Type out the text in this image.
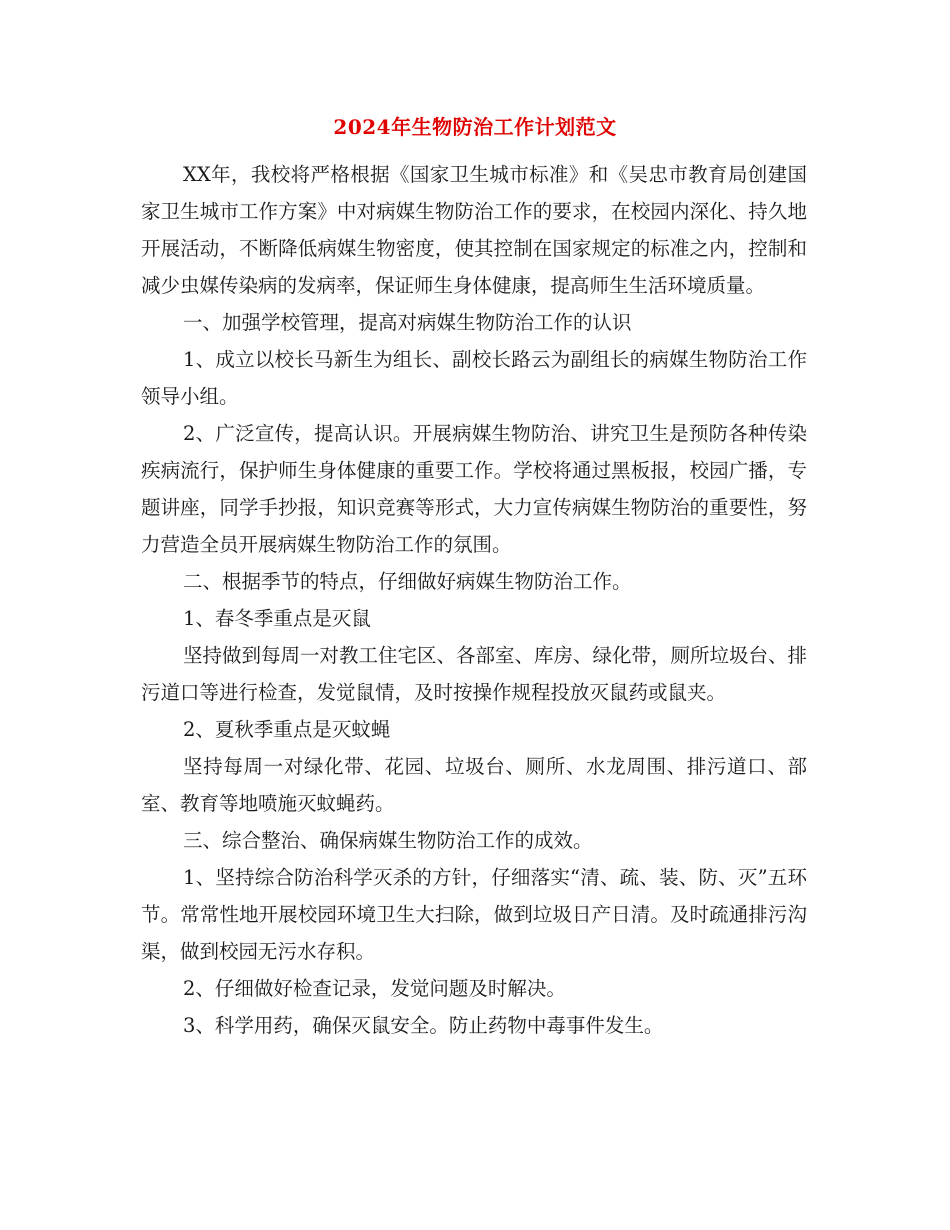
2024年生物防治工作计划范文

XX年，我校将严格根据《国家卫生城市标准》和《吴忠市教育局创建国家卫生城市工作方案》中对病媒生物防治工作的要求，在校园内深化、持久地开展活动，不断降低病媒生物密度，使其控制在国家规定的标准之内，控制和减少虫媒传染病的发病率，保证师生身体健康，提高师生生活环境质量。

一、加强学校管理，提高对病媒生物防治工作的认识

1、成立以校长马新生为组长、副校长路云为副组长的病媒生物防治工作领导小组。

2、广泛宣传，提高认识。开展病媒生物防治、讲究卫生是预防各种传染疾病流行，保护师生身体健康的重要工作。学校将通过黑板报，校园广播，专题讲座，同学手抄报，知识竞赛等形式，大力宣传病媒生物防治的重要性，努力营造全员开展病媒生物防治工作的氛围。

二、根据季节的特点，仔细做好病媒生物防治工作。

1、春冬季重点是灭鼠

坚持做到每周一对教工住宅区、各部室、库房、绿化带，厕所垃圾台、排污道口等进行检查，发觉鼠情，及时按操作规程投放灭鼠药或鼠夹。

2、夏秋季重点是灭蚊蝇

坚持每周一对绿化带、花园、垃圾台、厕所、水龙周围、排污道口、部室、教育等地喷施灭蚊蝇药。

三、综合整治、确保病媒生物防治工作的成效。

1、坚持综合防治科学灭杀的方针，仔细落实“清、疏、装、防、灭”五环节。常常性地开展校园环境卫生大扫除，做到垃圾日产日清。及时疏通排污沟渠，做到校园无污水存积。

2、仔细做好检查记录，发觉问题及时解决。

3、科学用药，确保灭鼠安全。防止药物中毒事件发生。
